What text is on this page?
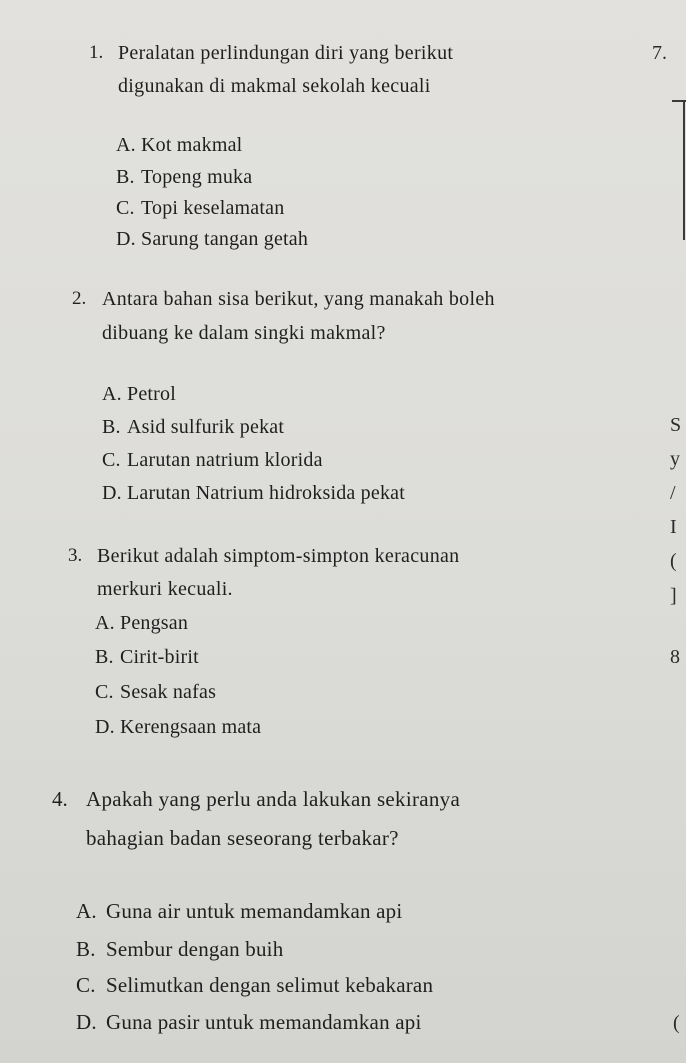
1. Peralatan perlindungan diri yang berikut
digunakan di makmal sekolah kecuali
A. Kot makmal
B. Topeng muka
C. Topi keselamatan
D. Sarung tangan getah
2. Antara bahan sisa berikut, yang manakah boleh
dibuang ke dalam singki makmal?
A. Petrol
B. Asid sulfurik pekat
C. Larutan natrium klorida
D. Larutan Natrium hidroksida pekat
3. Berikut adalah simptom-simpton keracunan
merkuri kecuali.
A. Pengsan
B. Cirit-birit
C. Sesak nafas
D. Kerengsaan mata
4. Apakah yang perlu anda lakukan sekiranya
bahagian badan seseorang terbakar?
A. Guna air untuk memandamkan api
B. Sembur dengan buih
C. Selimutkan dengan selimut kebakaran
D. Guna pasir untuk memandamkan api
7.
S
y
/
I
(
]
8
(
